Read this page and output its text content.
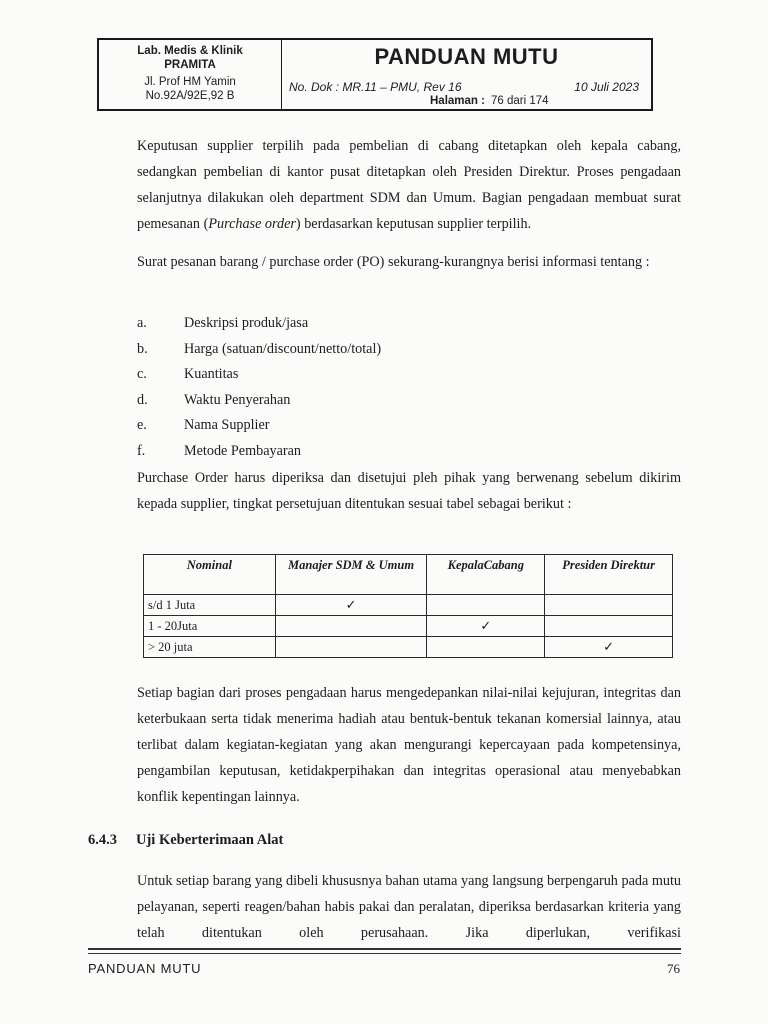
Lab. Medis & Klinik
PRAMITA
Jl. Prof HM Yamin
No.92A/92E,92 B
PANDUAN MUTU
No. Dok : MR.11 – PMU, Rev 16	10 Juli 2023
Halaman : 76 dari 174
Keputusan supplier terpilih pada pembelian di cabang ditetapkan oleh kepala cabang, sedangkan pembelian di kantor pusat ditetapkan oleh Presiden Direktur. Proses pengadaan selanjutnya dilakukan oleh department SDM dan Umum. Bagian pengadaan membuat surat pemesanan (Purchase order) berdasarkan keputusan supplier terpilih.
Surat pesanan barang / purchase order (PO) sekurang-kurangnya berisi informasi tentang :
a.	Deskripsi produk/jasa
b.	Harga (satuan/discount/netto/total)
c.	Kuantitas
d.	Waktu Penyerahan
e.	Nama Supplier
f.	Metode Pembayaran
Purchase Order harus diperiksa dan disetujui pleh pihak yang berwenang sebelum dikirim kepada supplier, tingkat persetujuan ditentukan sesuai tabel sebagai berikut :
Nominal	Manajer SDM & Umum	KepalaCabang	Presiden Direktur
s/d 1 Juta	✓		
1 - 20Juta		✓	
> 20 juta			✓
Setiap bagian dari proses pengadaan harus mengedepankan nilai-nilai kejujuran, integritas dan keterbukaan serta tidak menerima hadiah atau bentuk-bentuk tekanan komersial lainnya, atau terlibat dalam kegiatan-kegiatan yang akan mengurangi kepercayaan pada kompetensinya, pengambilan keputusan, ketidakperpihakan dan integritas operasional atau menyebabkan konflik kepentingan lainnya.
6.4.3 Uji Keberterimaan Alat
Untuk setiap barang yang dibeli khususnya bahan utama yang langsung berpengaruh pada mutu pelayanan, seperti reagen/bahan habis pakai dan peralatan, diperiksa berdasarkan kriteria yang telah ditentukan oleh perusahaan. Jika diperlukan, verifikasi
PANDUAN MUTU	76
